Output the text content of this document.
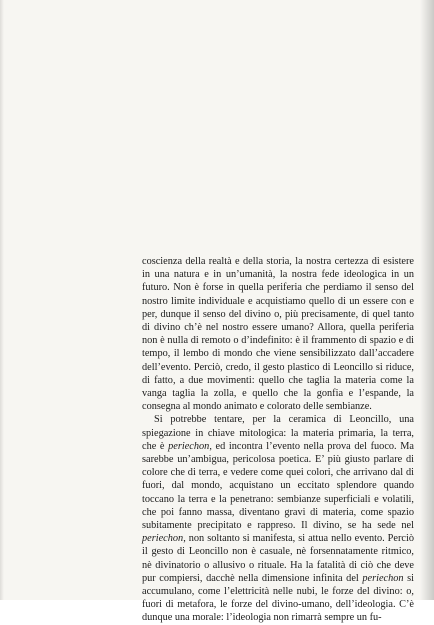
coscienza della realtà e della storia, la nostra certezza di esistere in una natura e in un’umanità, la nostra fede ideologica in un futuro. Non è forse in quella periferia che perdiamo il senso del nostro limite individuale e acquistiamo quello di un essere con e per, dunque il senso del divino o, più precisamente, di quel tanto di divino ch’è nel nostro essere umano? Allora, quella periferia non è nulla di remoto o d’indefinito: è il frammento di spazio e di tempo, il lembo di mondo che viene sensibilizzato dall’accadere dell’evento. Perciò, credo, il gesto plastico di Leoncillo si riduce, di fatto, a due movimenti: quello che taglia la materia come la vanga taglia la zolla, e quello che la gonfia e l’espande, la consegna al mondo animato e colorato delle sembianze.

Si potrebbe tentare, per la ceramica di Leoncillo, una spiegazione in chiave mitologica: la materia primaria, la terra, che è periechon, ed incontra l’evento nella prova del fuoco. Ma sarebbe un’ambigua, pericolosa poetica. E’ più giusto parlare di colore che di terra, e vedere come quei colori, che arrivano dal di fuori, dal mondo, acquistano un eccitato splendore quando toccano la terra e la penetrano: sembianze superficiali e volatili, che poi fanno massa, diventano gravi di materia, come spazio subitamente precipitato e rappreso. Il divino, se ha sede nel periechon, non soltanto si manifesta, si attua nello evento. Perciò il gesto di Leoncillo non è casuale, nè forsennatamente ritmico, nè divinatorio o allusivo o rituale. Ha la fatalità di ciò che deve pur compiersi, dacchè nella dimensione infinita del periechon si accumulano, come l’elettricità nelle nubi, le forze del divino: o, fuori di metafora, le forze del divino-umano, dell’ideologia. C’è dunque una morale: l’ideologia non rimarrà sempre un fu-
